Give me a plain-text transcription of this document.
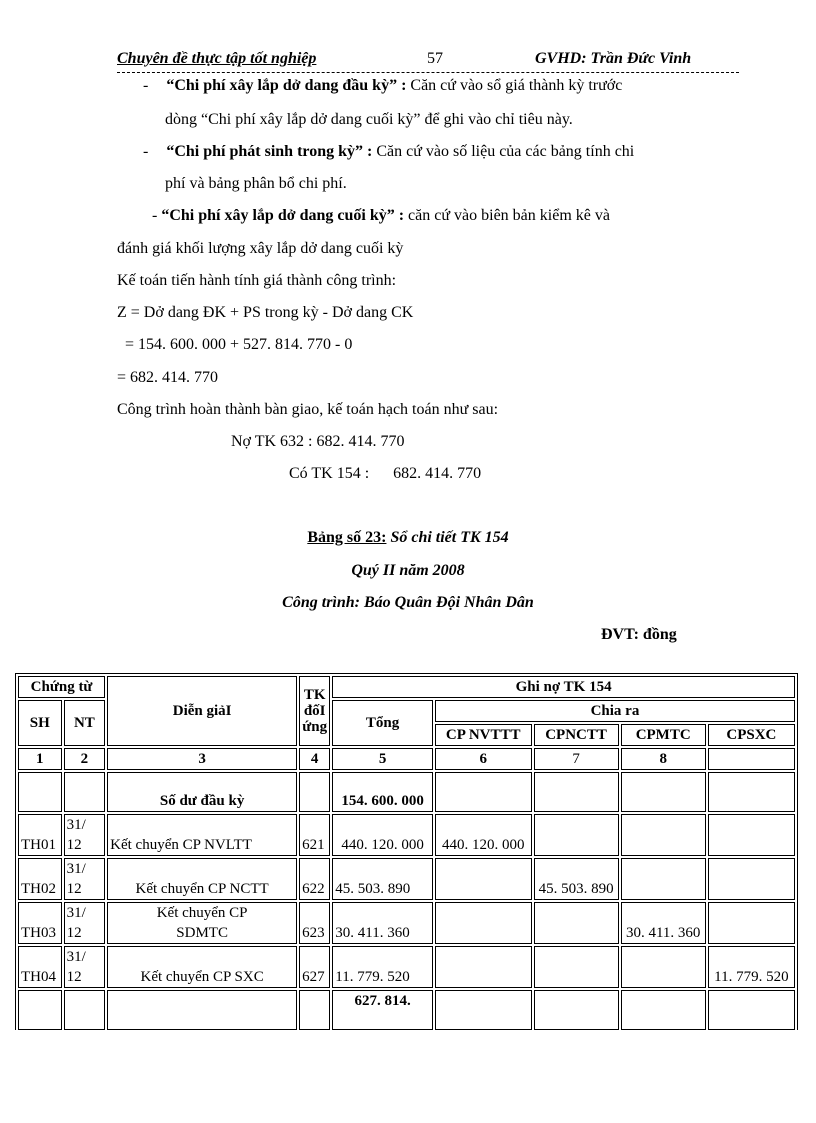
Chuyên đề thực tập tốt nghiệp	57	GVHD: Trần Đức Vinh
- “Chi phí xây lắp dở dang đầu kỳ” : Căn cứ vào sổ giá thành kỳ trước
dòng “Chi phí xây lắp dở dang cuối kỳ” để ghi vào chỉ tiêu này.
- “Chi phí phát sinh trong kỳ” : Căn cứ vào số liệu của các bảng tính chi
phí và bảng phân bổ chi phí.
- “Chi phí xây lắp dở dang cuối kỳ” : căn cứ vào biên bản kiểm kê và
đánh giá khối lượng xây lắp dở dang cuối kỳ
Kế toán tiến hành tính giá thành công trình:
Z = Dở dang ĐK + PS trong kỳ - Dở dang CK
= 154. 600. 000 + 527. 814. 770 - 0
= 682. 414. 770
Công trình hoàn thành bàn giao, kế toán hạch toán như sau:
Nợ TK 632 : 682. 414. 770
Có TK 154 :      682. 414. 770
Bảng số 23: Sổ chi tiết TK 154
Quý II năm 2008
Công trình: Báo Quân Đội Nhân Dân
ĐVT: đồng
Chứng từ		Diễn giảI	TK đốI ứng	Ghi nợ TK 154				
SH	NT			Tổng	Chia ra			
					CP NVTTT	CPNCTT	CPMTC	CPSXC
1	2	3	4	5	6	7	8	
		Số dư đầu kỳ		154. 600. 000				
TH01	31/ 12	Kết chuyển CP NVLTT	621	440. 120. 000	440. 120. 000			
TH02	31/ 12	Kết chuyển CP NCTT	622	45. 503. 890		45. 503. 890		
TH03	31/ 12	Kết chuyển CP SDMTC	623	30. 411. 360			30. 411. 360	
TH04	31/ 12	Kết chuyển CP SXC	627	11. 779. 520				11. 779. 520
				627. 814.				
